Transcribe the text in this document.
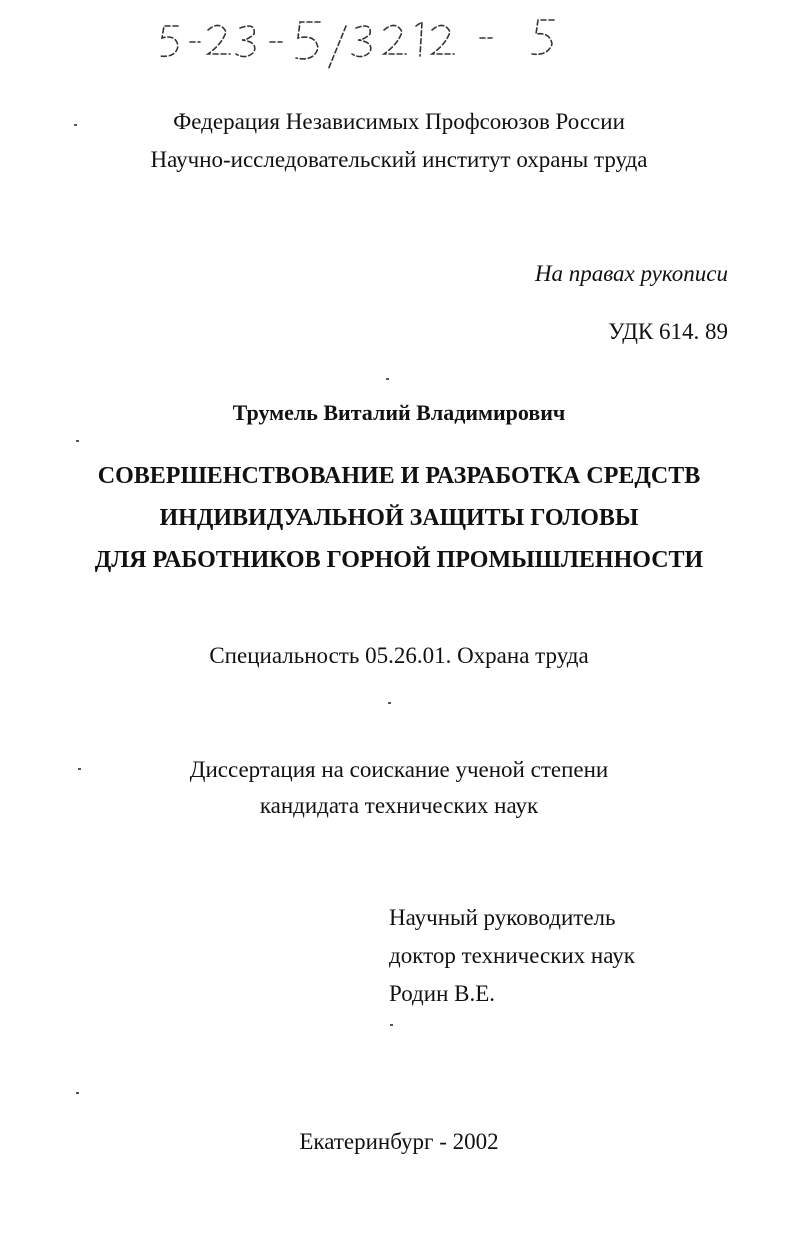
Федерация Независимых Профсоюзов России
Научно-исследовательский институт охраны труда
На правах рукописи
УДК 614. 89
Трумель Виталий Владимирович
СОВЕРШЕНСТВОВАНИЕ И РАЗРАБОТКА СРЕДСТВ
ИНДИВИДУАЛЬНОЙ ЗАЩИТЫ ГОЛОВЫ
ДЛЯ РАБОТНИКОВ ГОРНОЙ ПРОМЫШЛЕННОСТИ
Специальность 05.26.01. Охрана труда
Диссертация на соискание ученой степени
кандидата технических наук
Научный руководитель
доктор технических наук
Родин В.Е.
Екатеринбург - 2002
